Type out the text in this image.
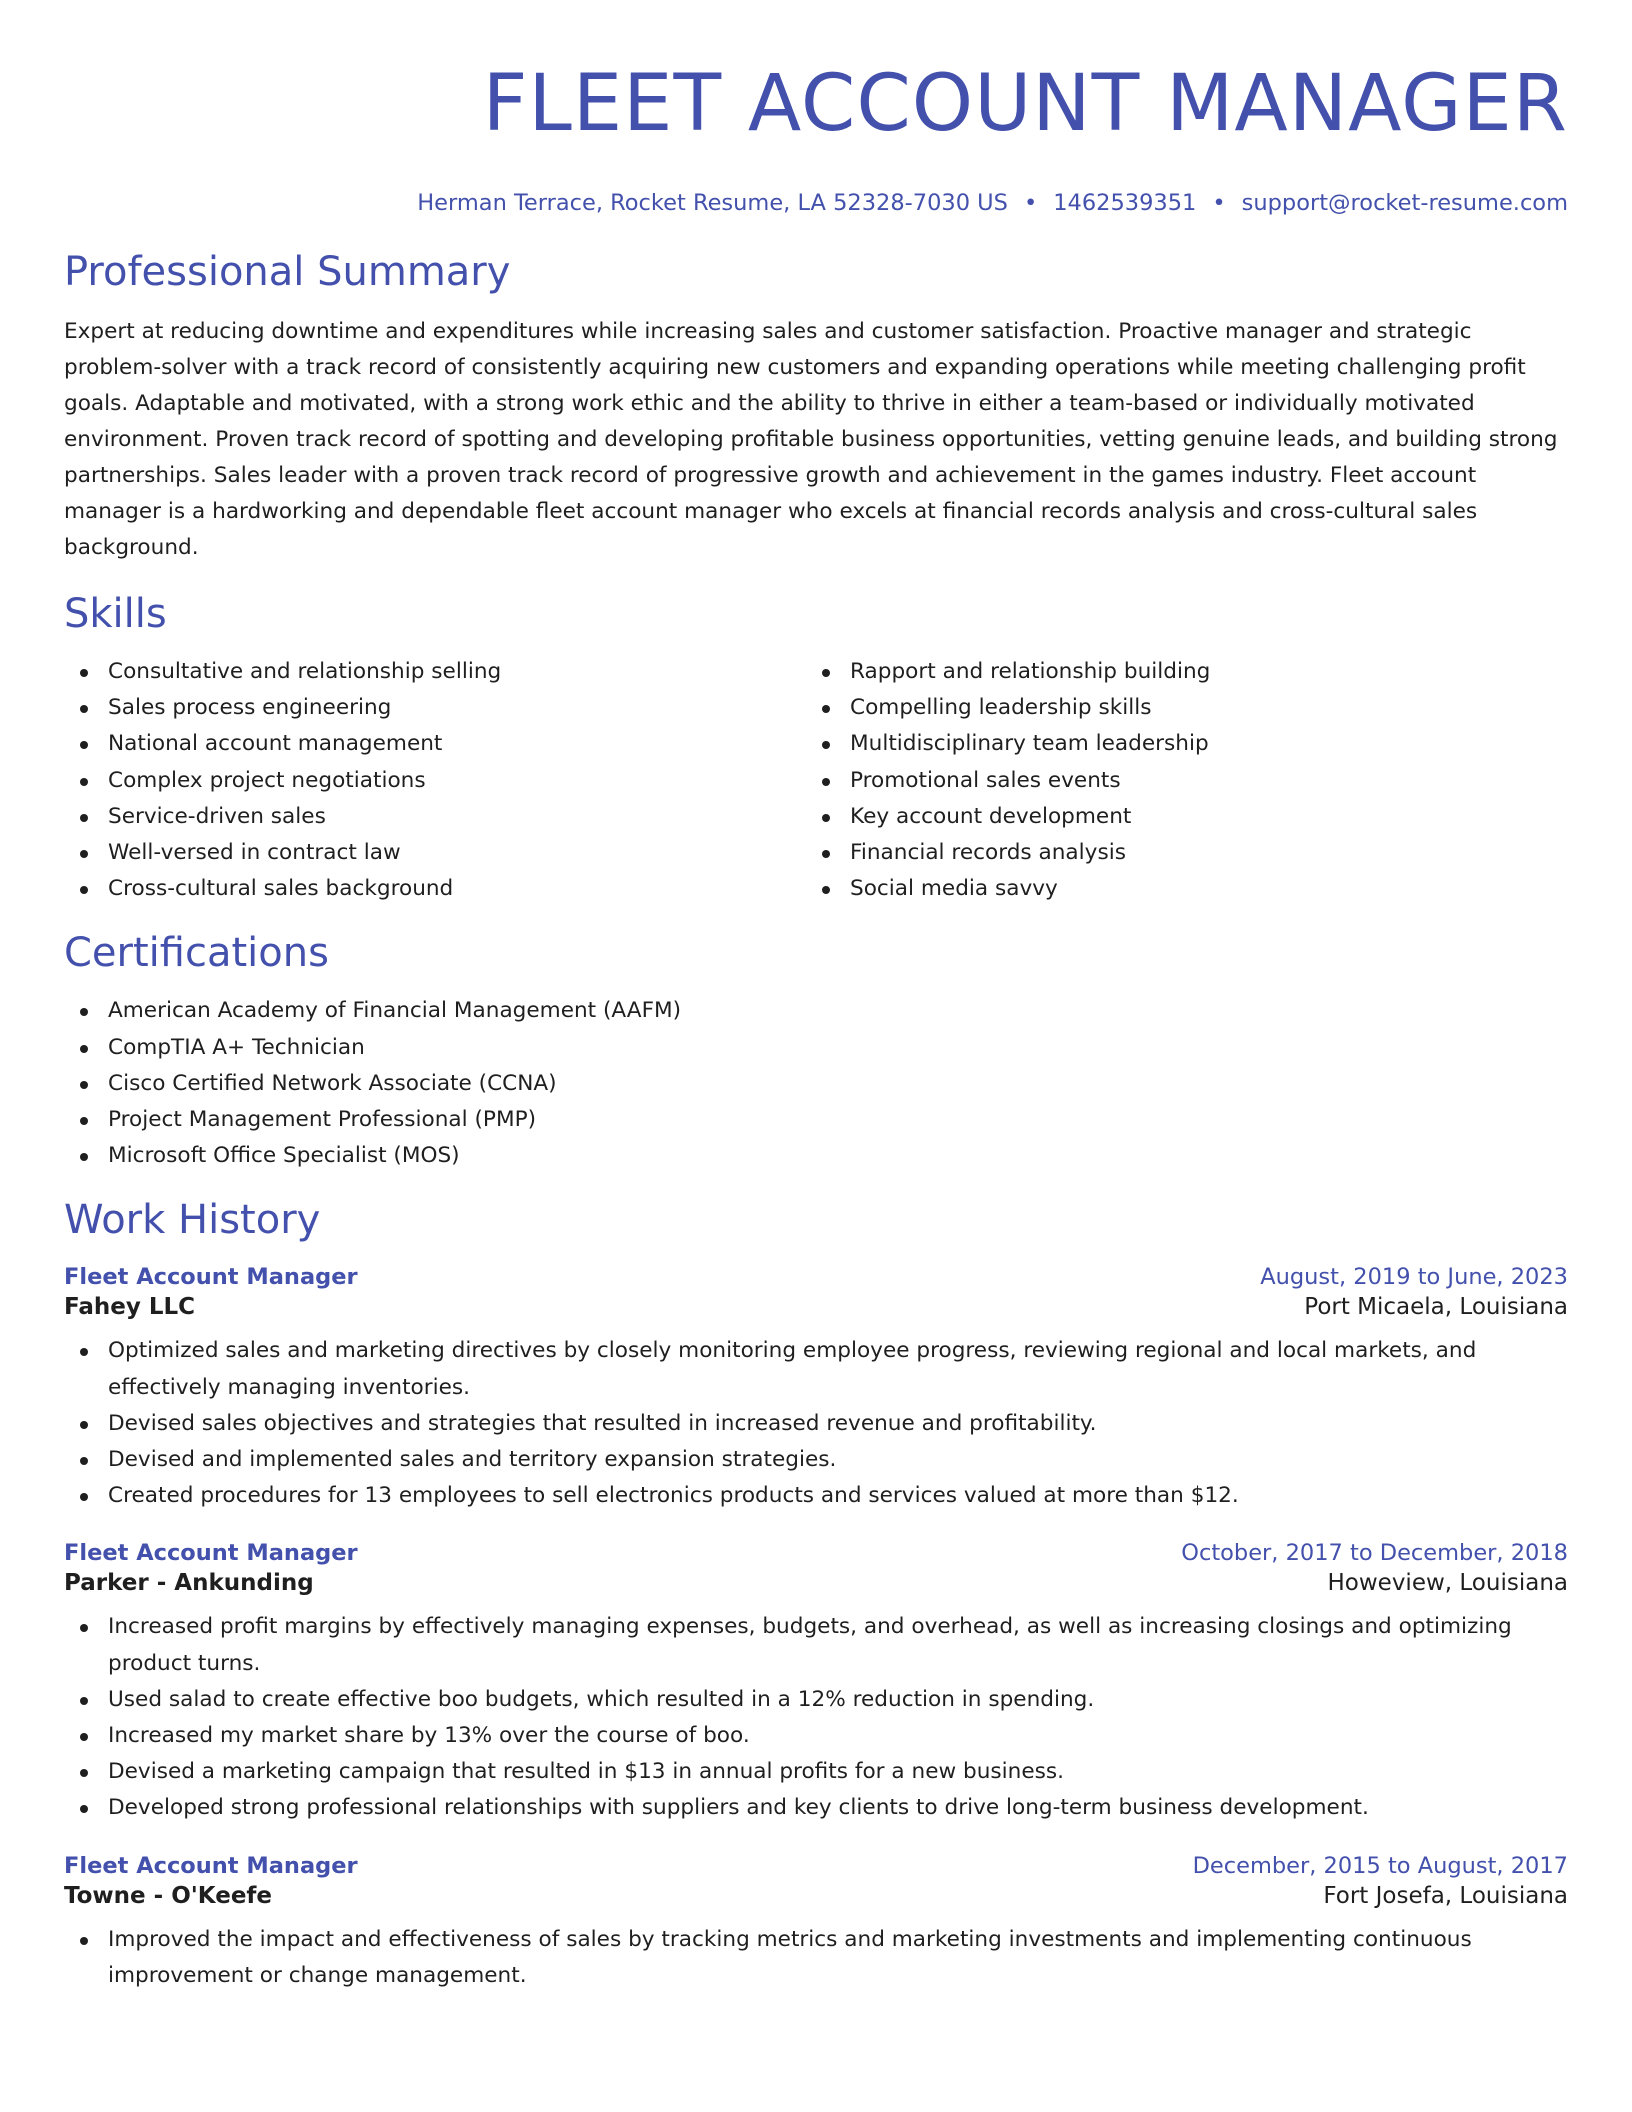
FLEET ACCOUNT MANAGER
Herman Terrace, Rocket Resume, LA 52328-7030 US • 1462539351 • support@rocket-resume.com
Professional Summary

Expert at reducing downtime and expenditures while increasing sales and customer satisfaction. Proactive manager and strategic problem-solver with a track record of consistently acquiring new customers and expanding operations while meeting challenging profit goals. Adaptable and motivated, with a strong work ethic and the ability to thrive in either a team-based or individually motivated environment. Proven track record of spotting and developing profitable business opportunities, vetting genuine leads, and building strong partnerships. Sales leader with a proven track record of progressive growth and achievement in the games industry. Fleet account manager is a hardworking and dependable fleet account manager who excels at financial records analysis and cross-cultural sales background.

Skills
Consultative and relationship selling
Sales process engineering
National account management
Complex project negotiations
Service-driven sales
Well-versed in contract law
Cross-cultural sales background
Rapport and relationship building
Compelling leadership skills
Multidisciplinary team leadership
Promotional sales events
Key account development
Financial records analysis
Social media savvy
Certifications
American Academy of Financial Management (AAFM)
CompTIA A+ Technician
Cisco Certified Network Associate (CCNA)
Project Management Professional (PMP)
Microsoft Office Specialist (MOS)
Work History
Fleet Account Manager	August, 2019 to June, 2023
Fahey LLC	Port Micaela, Louisiana
Optimized sales and marketing directives by closely monitoring employee progress, reviewing regional and local markets, and effectively managing inventories.
Devised sales objectives and strategies that resulted in increased revenue and profitability.
Devised and implemented sales and territory expansion strategies.
Created procedures for 13 employees to sell electronics products and services valued at more than $12.
Fleet Account Manager	October, 2017 to December, 2018
Parker - Ankunding	Howeview, Louisiana
Increased profit margins by effectively managing expenses, budgets, and overhead, as well as increasing closings and optimizing product turns.
Used salad to create effective boo budgets, which resulted in a 12% reduction in spending.
Increased my market share by 13% over the course of boo.
Devised a marketing campaign that resulted in $13 in annual profits for a new business.
Developed strong professional relationships with suppliers and key clients to drive long-term business development.
Fleet Account Manager	December, 2015 to August, 2017
Towne - O'Keefe	Fort Josefa, Louisiana
Improved the impact and effectiveness of sales by tracking metrics and marketing investments and implementing continuous improvement or change management.
